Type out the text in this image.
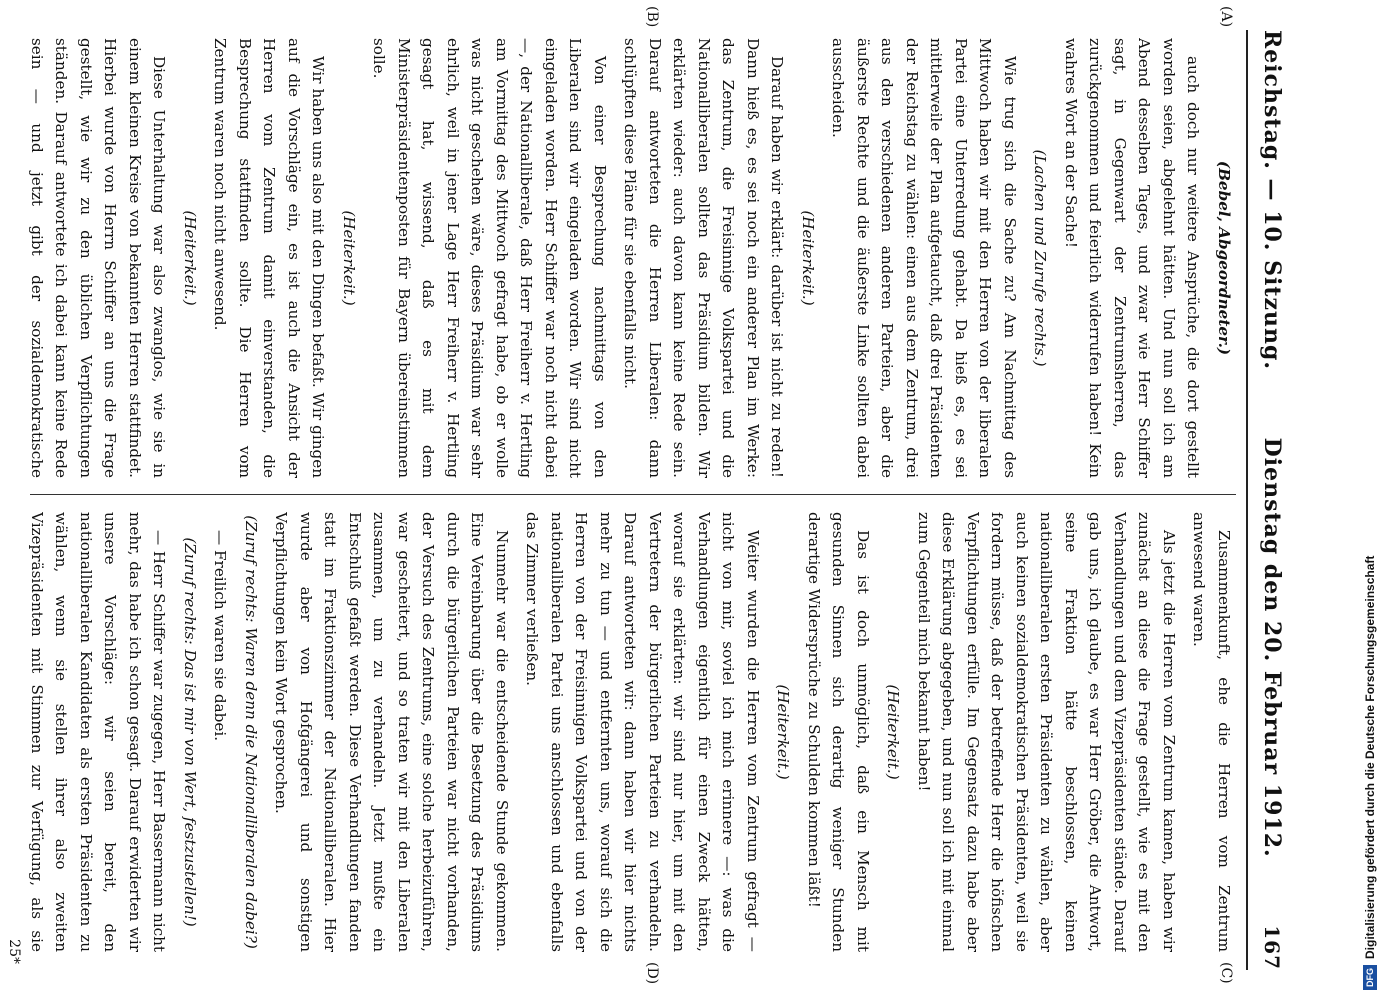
Reichstag. — 10. Sitzung.
Dienstag den 20. Februar 1912.
167
(A)
(B)
(C)
(D)

(Bebel, Abgeordneter.)

auch doch nur weitere Ansprüche, die dort gestellt worden seien, abgelehnt hätten. Und nun soll ich am Abend desselben Tages, und zwar wie Herr Schiffer sagt, in Gegenwart der Zentrumsherren, das zurückgenommen und feierlich widerrufen haben! Kein wahres Wort an der Sache!

(Lachen und Zurufe rechts.)

Wie trug sich die Sache zu? Am Nachmittag des Mittwoch haben wir mit den Herren von der liberalen Partei eine Unterredung gehabt. Da hieß es, es sei mittlerweile der Plan aufgetaucht, daß drei Präsidenten der Reichstag zu wählen: einen aus dem Zentrum, drei aus den verschiedenen anderen Parteien, aber die äußerste Rechte und die äußerste Linke sollten dabei ausscheiden.

(Heiterkeit.)

Darauf haben wir erklärt: darüber ist nicht zu reden! Dann hieß es, es sei noch ein anderer Plan im Werke: das Zentrum, die Freisinnige Volkspartei und die Nationalliberalen sollten das Präsidium bilden. Wir erklärten wieder: auch davon kann keine Rede sein. Darauf antworteten die Herren Liberalen: dann schlüpften diese Pläne für sie ebenfalls nicht.

Von einer Besprechung nachmittags von den Liberalen sind wir eingeladen worden. Wir sind nicht eingeladen worden. Herr Schiffer war noch nicht dabei —, der Nationalliberale, daß Herr Freiherr v. Hertling am Vormittag des Mittwoch gefragt habe, ob er wolle was nicht geschehen wäre, dieses Präsidium war sehr ehrlich, weil in jener Lage Herr Freiherr v. Hertling gesagt hat, wissend, daß es mit dem Ministerpräsidentenposten für Bayern übereinstimmen solle.

(Heiterkeit.)

Wir haben uns also mit den Dingen befaßt. Wir gingen auf die Vorschläge ein, es ist auch die Ansicht der Herren vom Zentrum damit einverstanden, die Besprechung stattfinden sollte. Die Herren vom Zentrum waren noch nicht anwesend.

(Heiterkeit.)

Diese Unterhaltung war also zwanglos, wie sie in einem kleinen Kreise von bekannten Herren stattfindet. Hierbei wurde von Herrn Schiffer an uns die Frage gestellt, wie wir zu den üblichen Verpflichtungen ständen. Darauf antwortete ich dabei kann keine Rede sein — und jetzt gibt der sozialdemokratische

Zusammenkunft, ehe die Herren vom Zentrum anwesend waren.

Als jetzt die Herren vom Zentrum kamen, haben wir zunächst an diese die Frage gestellt, wie es mit den Verhandlungen und dem Vizepräsidenten stände. Darauf gab uns, ich glaube, es war Herr Gröber, die Antwort, seine Fraktion hätte beschlossen, keinen nationalliberalen ersten Präsidenten zu wählen, aber auch keinen sozialdemokratischen Präsidenten, weil sie fordern müsse, daß der betreffende Herr die höfischen Verpflichtungen erfülle. Im Gegensatz dazu habe aber diese Erklärung abgegeben, und nun soll ich mit einmal zum Gegenteil mich bekannt haben!

(Heiterkeit.)

Das ist doch unmöglich, daß ein Mensch mit gesunden Sinnen sich derartig weniger Stunden derartige Widersprüche zu Schulden kommen läßt!

(Heiterkeit.)

Weiter wurden die Herren vom Zentrum gefragt — nicht von mir, soviel ich mich erinnere —: was die Verhandlungen eigentlich für einen Zweck hätten, worauf sie erklärten: wir sind nur hier, um mit den Vertretern der bürgerlichen Parteien zu verhandeln. Darauf antworteten wir: dann haben wir hier nichts mehr zu tun — und entfernten uns, worauf sich die Herren von der Freisinnigen Volkspartei und von der nationalliberalen Partei uns anschlossen und ebenfalls das Zimmer verließen.

Nunmehr war die entscheidende Stunde gekommen. Eine Vereinbarung über die Besetzung des Präsidiums durch die bürgerlichen Parteien war nicht vorhanden, der Versuch des Zentrums, eine solche herbeizuführen, war gescheitert, und so traten wir mit den Liberalen zusammen, um zu verhandeln. Jetzt mußte ein Entschluß gefaßt werden. Diese Verhandlungen fanden statt im Fraktionszimmer der Nationalliberalen. Hier wurde aber von Hofgängerei und sonstigen Verpflichtungen kein Wort gesprochen.

(Zuruf rechts: Waren denn die Nationalliberalen dabei?)

— Freilich waren sie dabei.

(Zuruf rechts: Das ist mir von Wert, festzustellen!)

— Herr Schiffer war zugegen, Herr Bassermann nicht mehr, das habe ich schon gesagt. Darauf erwiderten wir unsere Vorschläge: wir seien bereit, den nationalliberalen Kandidaten als ersten Präsidenten zu wählen, wenn sie stellen ihrer also zweiten Vizepräsidenten mit Stimmen zur Verfügung, als sie

25*
DFG
Digitalisierung gefördert durch die Deutsche Forschungsgemeinschaft
